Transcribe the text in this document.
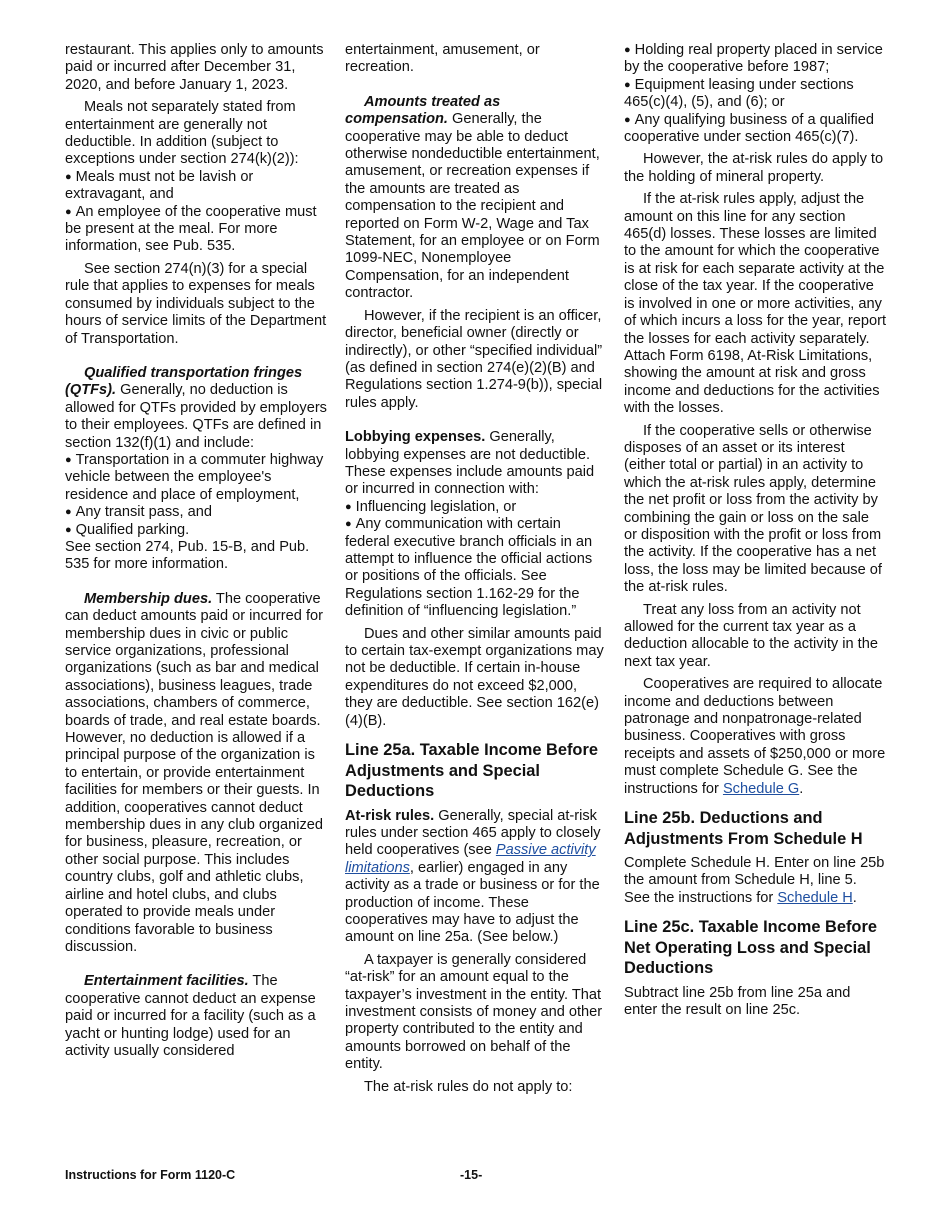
restaurant. This applies only to amounts paid or incurred after December 31, 2020, and before January 1, 2023.

Meals not separately stated from entertainment are generally not deductible. In addition (subject to exceptions under section 274(k)(2)):

● Meals must not be lavish or extravagant, and

● An employee of the cooperative must be present at the meal. For more information, see Pub. 535.

See section 274(n)(3) for a special rule that applies to expenses for meals consumed by individuals subject to the hours of service limits of the Department of Transportation.

Qualified transportation fringes (QTFs). Generally, no deduction is allowed for QTFs provided by employers to their employees. QTFs are defined in section 132(f)(1) and include:

● Transportation in a commuter highway vehicle between the employee's residence and place of employment,

● Any transit pass, and

● Qualified parking.

See section 274, Pub. 15-B, and Pub. 535 for more information.

Membership dues. The cooperative can deduct amounts paid or incurred for membership dues in civic or public service organizations, professional organizations (such as bar and medical associations), business leagues, trade associations, chambers of commerce, boards of trade, and real estate boards. However, no deduction is allowed if a principal purpose of the organization is to entertain, or provide entertainment facilities for members or their guests. In addition, cooperatives cannot deduct membership dues in any club organized for business, pleasure, recreation, or other social purpose. This includes country clubs, golf and athletic clubs, airline and hotel clubs, and clubs operated to provide meals under conditions favorable to business discussion.

Entertainment facilities. The cooperative cannot deduct an expense paid or incurred for a facility (such as a yacht or hunting lodge) used for an activity usually considered

entertainment, amusement, or recreation.

Amounts treated as compensation. Generally, the cooperative may be able to deduct otherwise nondeductible entertainment, amusement, or recreation expenses if the amounts are treated as compensation to the recipient and reported on Form W-2, Wage and Tax Statement, for an employee or on Form 1099-NEC, Nonemployee Compensation, for an independent contractor.

However, if the recipient is an officer, director, beneficial owner (directly or indirectly), or other “specified individual” (as defined in section 274(e)(2)(B) and Regulations section 1.274-9(b)), special rules apply.

Lobbying expenses. Generally, lobbying expenses are not deductible. These expenses include amounts paid or incurred in connection with:

● Influencing legislation, or

● Any communication with certain federal executive branch officials in an attempt to influence the official actions or positions of the officials. See Regulations section 1.162-29 for the definition of “influencing legislation.”

Dues and other similar amounts paid to certain tax-exempt organizations may not be deductible. If certain in-house expenditures do not exceed $2,000, they are deductible. See section 162(e)(4)(B).

Line 25a. Taxable Income Before Adjustments and Special Deductions

At-risk rules. Generally, special at-risk rules under section 465 apply to closely held cooperatives (see Passive activity limitations, earlier) engaged in any activity as a trade or business or for the production of income. These cooperatives may have to adjust the amount on line 25a. (See below.)

A taxpayer is generally considered “at-risk” for an amount equal to the taxpayer’s investment in the entity. That investment consists of money and other property contributed to the entity and amounts borrowed on behalf of the entity.

The at-risk rules do not apply to:

● Holding real property placed in service by the cooperative before 1987;

● Equipment leasing under sections 465(c)(4), (5), and (6); or

● Any qualifying business of a qualified cooperative under section 465(c)(7).

However, the at-risk rules do apply to the holding of mineral property.

If the at-risk rules apply, adjust the amount on this line for any section 465(d) losses. These losses are limited to the amount for which the cooperative is at risk for each separate activity at the close of the tax year. If the cooperative is involved in one or more activities, any of which incurs a loss for the year, report the losses for each activity separately. Attach Form 6198, At-Risk Limitations, showing the amount at risk and gross income and deductions for the activities with the losses.

If the cooperative sells or otherwise disposes of an asset or its interest (either total or partial) in an activity to which the at-risk rules apply, determine the net profit or loss from the activity by combining the gain or loss on the sale or disposition with the profit or loss from the activity. If the cooperative has a net loss, the loss may be limited because of the at-risk rules.

Treat any loss from an activity not allowed for the current tax year as a deduction allocable to the activity in the next tax year.

Cooperatives are required to allocate income and deductions between patronage and nonpatronage-related business. Cooperatives with gross receipts and assets of $250,000 or more must complete Schedule G. See the instructions for Schedule G.

Line 25b. Deductions and Adjustments From Schedule H

Complete Schedule H. Enter on line 25b the amount from Schedule H, line 5. See the instructions for Schedule H.

Line 25c. Taxable Income Before Net Operating Loss and Special Deductions

Subtract line 25b from line 25a and enter the result on line 25c.

Instructions for Form 1120-C	-15-
